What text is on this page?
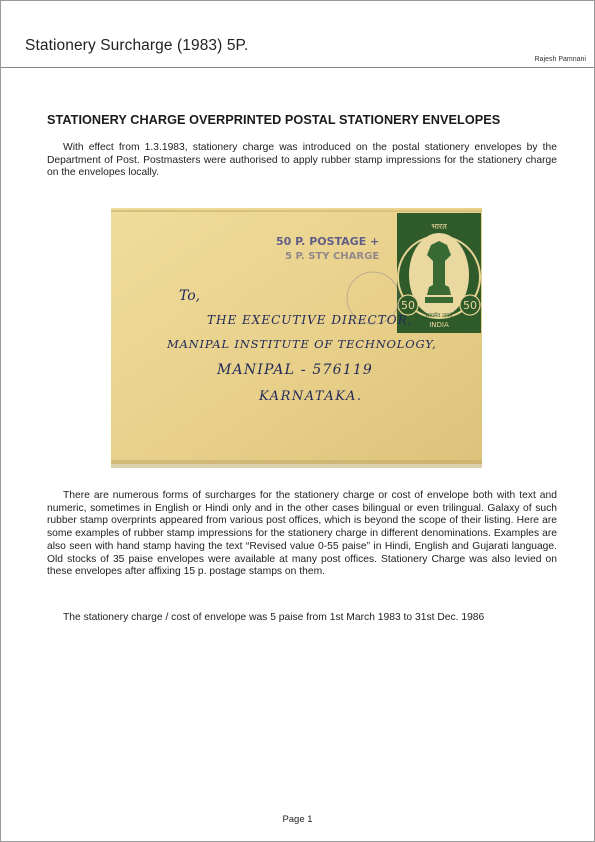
Stationery Surcharge (1983) 5P.
Rajesh Pamnani
STATIONERY CHARGE OVERPRINTED POSTAL STATIONERY ENVELOPES

With effect from 1.3.1983, stationery charge was introduced on the postal stationery envelopes by the Department of Post. Postmasters were authorised to apply rubber stamp impressions for the stationery charge on the envelopes locally.

50	50
भारत
सत्यमेव जयते
INDIA
50 P. POSTAGE +
5 P. STY CHARGE
To,
THE EXECUTIVE DIRECTOR,
MANIPAL INSTITUTE OF TECHNOLOGY,
MANIPAL - 576119
KARNATAKA.

There are numerous forms of surcharges for the stationery charge or cost of envelope both with text and numeric, sometimes in English or Hindi only and in the other cases bilingual or even trilingual. Galaxy of such rubber stamp overprints appeared from various post offices, which is beyond the scope of their listing. Here are some examples of rubber stamp impressions for the stationery charge in different denominations. Examples are also seen with hand stamp having the text “Revised value 0-55 paise” in Hindi, English and Gujarati language. Old stocks of 35 paise envelopes were available at many post offices. Stationery Charge was also levied on these envelopes after affixing 15 p. postage stamps on them.

The stationery charge / cost of envelope was 5 paise from 1st March 1983 to 31st Dec. 1986

Page 1
